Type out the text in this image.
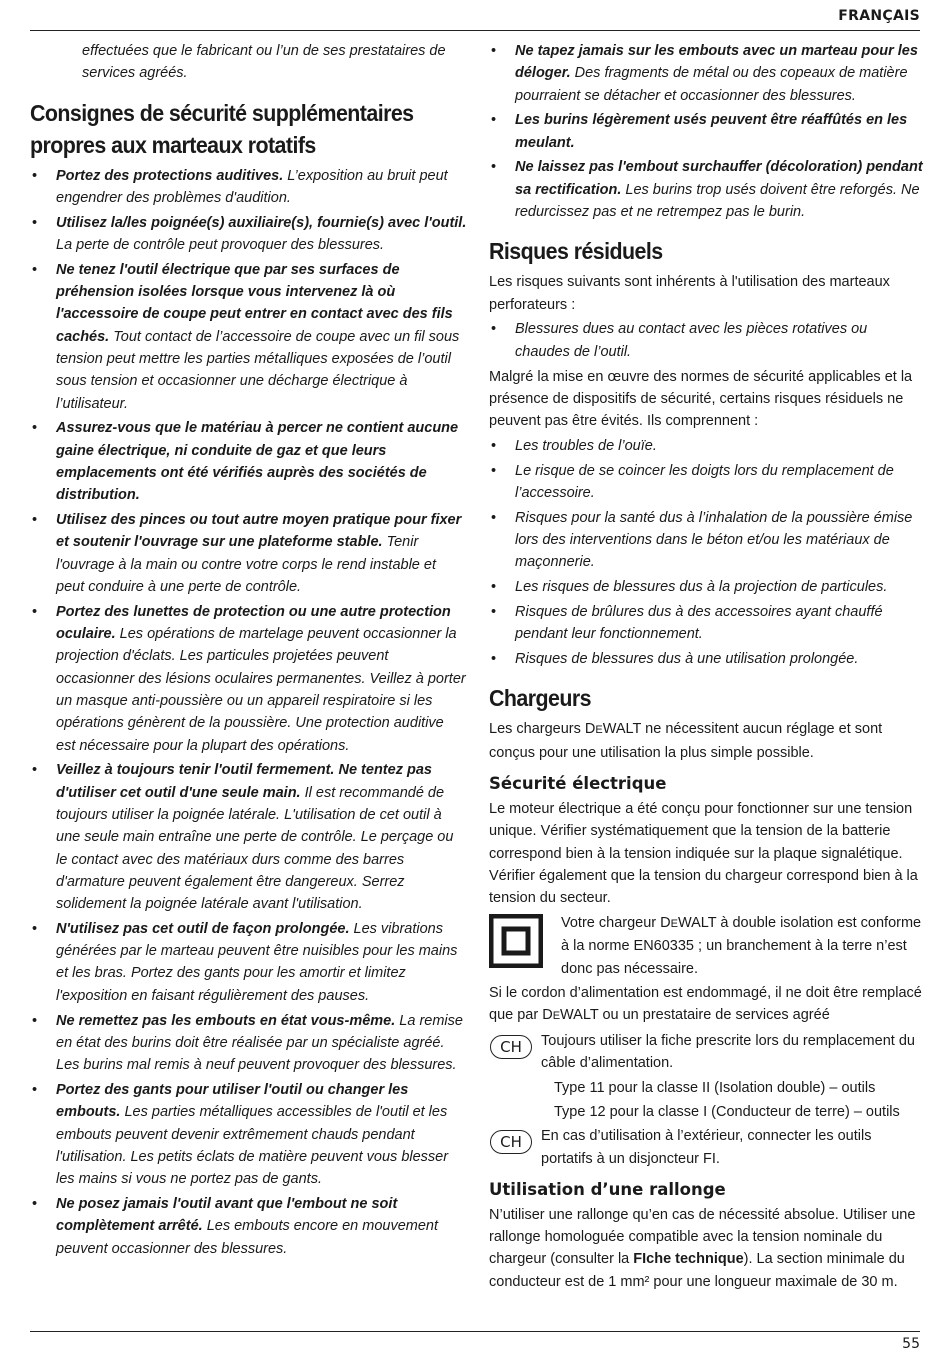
FRANÇAIS

effectuées que le fabricant ou l’un de ses prestataires de services agréés.

Consignes de sécurité supplémentaires propres aux marteaux rotatifs
• Portez des protections auditives. L’exposition au bruit peut engendrer des problèmes d'audition.
• Utilisez la/les poignée(s) auxiliaire(s), fournie(s) avec l'outil. La perte de contrôle peut provoquer des blessures.
• Ne tenez l'outil électrique que par ses surfaces de préhension isolées lorsque vous intervenez là où l'accessoire de coupe peut entrer en contact avec des fils cachés. Tout contact de l’accessoire de coupe avec un fil sous tension peut mettre les parties métalliques exposées de l’outil sous tension et occasionner une décharge électrique à l’utilisateur.
• Assurez-vous que le matériau à percer ne contient aucune gaine électrique, ni conduite de gaz et que leurs emplacements ont été vérifiés auprès des sociétés de distribution.
• Utilisez des pinces ou tout autre moyen pratique pour fixer et soutenir l'ouvrage sur une plateforme stable. Tenir l'ouvrage à la main ou contre votre corps le rend instable et peut conduire à une perte de contrôle.
• Portez des lunettes de protection ou une autre protection oculaire. Les opérations de martelage peuvent occasionner la projection d'éclats. Les particules projetées peuvent occasionner des lésions oculaires permanentes. Veillez à porter un masque anti-poussière ou un appareil respiratoire si les opérations génèrent de la poussière. Une protection auditive est nécessaire pour la plupart des opérations.
• Veillez à toujours tenir l'outil fermement. Ne tentez pas d'utiliser cet outil d'une seule main. Il est recommandé de toujours utiliser la poignée latérale. L'utilisation de cet outil à une seule main entraîne une perte de contrôle. Le perçage ou le contact avec des matériaux durs comme des barres d'armature peuvent également être dangereux. Serrez solidement la poignée latérale avant l'utilisation.
• N'utilisez pas cet outil de façon prolongée. Les vibrations générées par le marteau peuvent être nuisibles pour les mains et les bras. Portez des gants pour les amortir et limitez l'exposition en faisant régulièrement des pauses.
• Ne remettez pas les embouts en état vous-même. La remise en état des burins doit être réalisée par un spécialiste agréé. Les burins mal remis à neuf peuvent provoquer des blessures.
• Portez des gants pour utiliser l'outil ou changer les embouts. Les parties métalliques accessibles de l'outil et les embouts peuvent devenir extrêmement chauds pendant l'utilisation. Les petits éclats de matière peuvent vous blesser les mains si vous ne portez pas de gants.
• Ne posez jamais l'outil avant que l'embout ne soit complètement arrêté. Les embouts encore en mouvement peuvent occasionner des blessures.
• Ne tapez jamais sur les embouts avec un marteau pour les déloger. Des fragments de métal ou des copeaux de matière pourraient se détacher et occasionner des blessures.
• Les burins légèrement usés peuvent être réaffûtés en les meulant.
• Ne laissez pas l'embout surchauffer (décoloration) pendant sa rectification. Les burins trop usés doivent être reforgés. Ne redurcissez pas et ne retrempez pas le burin.
Risques résiduels

Les risques suivants sont inhérents à l'utilisation des marteaux perforateurs :

• Blessures dues au contact avec les pièces rotatives ou chaudes de l’outil.

Malgré la mise en œuvre des normes de sécurité applicables et la présence de dispositifs de sécurité, certains risques résiduels ne peuvent pas être évités. Ils comprennent :

• Les troubles de l’ouïe.
• Le risque de se coincer les doigts lors du remplacement de l’accessoire.
• Risques pour la santé dus à l’inhalation de la poussière émise lors des interventions dans le béton et/ou les matériaux de maçonnerie.
• Les risques de blessures dus à la projection de particules.
• Risques de brûlures dus à des accessoires ayant chauffé pendant leur fonctionnement.
• Risques de blessures dus à une utilisation prolongée.
Chargeurs

Les chargeurs DEWALT ne nécessitent aucun réglage et sont conçus pour une utilisation la plus simple possible.

Sécurité électrique

Le moteur électrique a été conçu pour fonctionner sur une tension unique. Vérifier systématiquement que la tension de la batterie correspond bien à la tension indiquée sur la plaque signalétique. Vérifier également que la tension du chargeur correspond bien à la tension du secteur.

Votre chargeur DEWALT à double isolation est conforme à la norme EN60335 ; un branchement à la terre n’est donc pas nécessaire.

Si le cordon d’alimentation est endommagé, il ne doit être remplacé que par DEWALT ou un prestataire de services agréé

CH	Toujours utiliser la fiche prescrite lors du remplacement du câble d’alimentation.

Type 11 pour la classe II (Isolation double) – outils

Type 12 pour la classe I (Conducteur de terre) – outils

CH	En cas d’utilisation à l’extérieur, connecter les outils portatifs à un disjoncteur FI.
Utilisation d’une rallonge

N’utiliser une rallonge qu’en cas de nécessité absolue. Utiliser une rallonge homologuée compatible avec la tension nominale du chargeur (consulter la FIche technique). La section minimale du conducteur est de 1 mm² pour une longueur maximale de 30 m.

55
